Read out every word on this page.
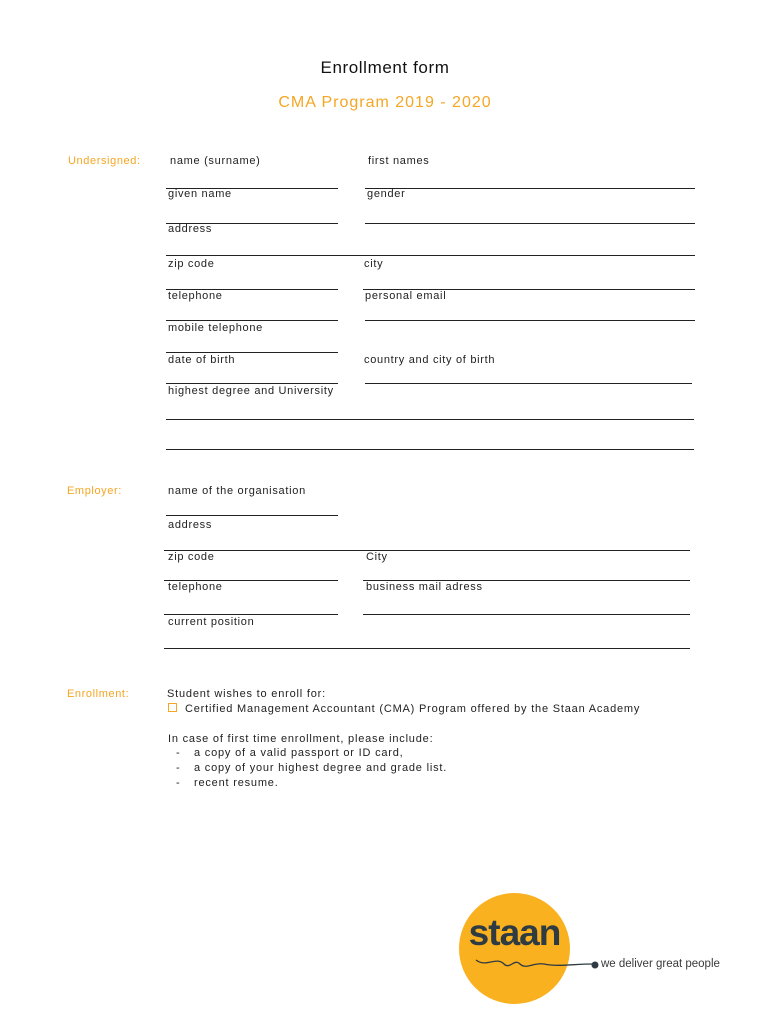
Enrollment form
CMA Program 2019 - 2020
Undersigned:	name (surname)	first names
given name	gender
address
zip code	city
telephone	personal email
mobile telephone
date of birth	country and city of birth
highest degree and University
Employer:	name of the organisation
address
zip code	City
telephone	business mail adress
current position
Enrollment:	Student wishes to enroll for:
Certified Management Accountant (CMA) Program offered by the Staan Academy
In case of first time enrollment, please include:
- a copy of a valid passport or ID card,
- a copy of your highest degree and grade list.
- recent resume.
staan
we deliver great people
